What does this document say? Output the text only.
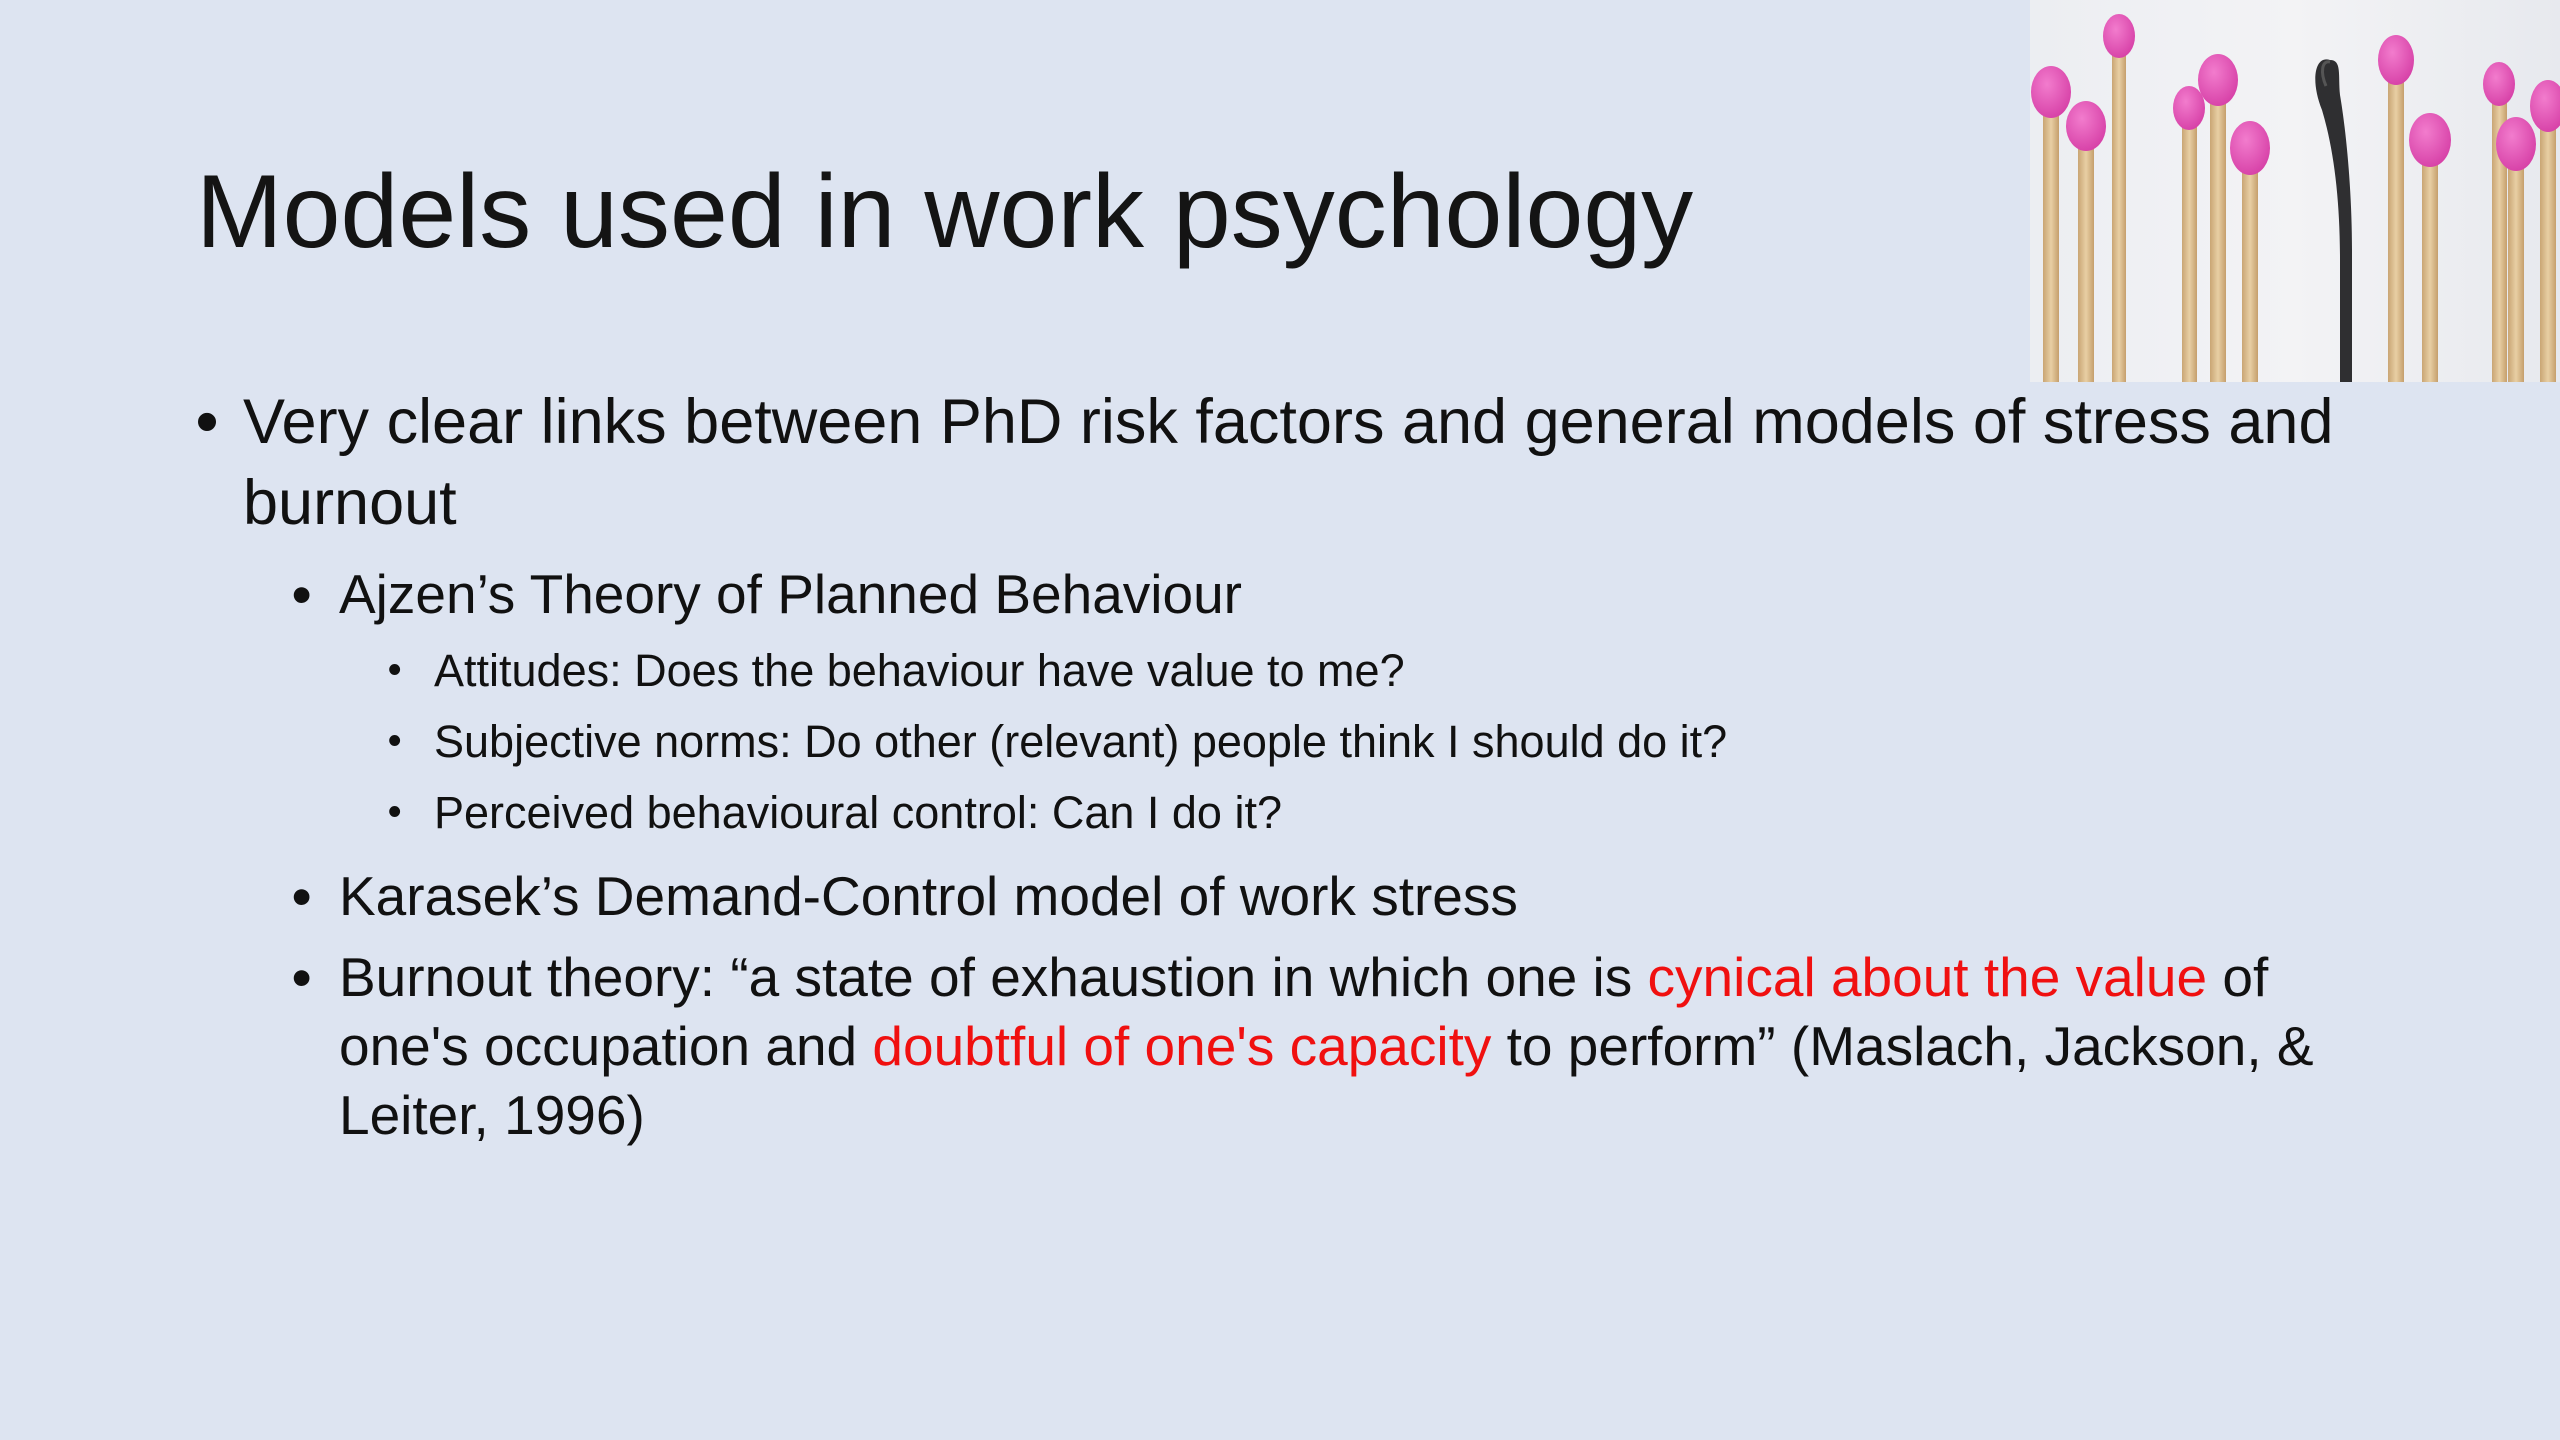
Models used in work psychology
• Very clear links between PhD risk factors and general models of stress and burnout
• Ajzen’s Theory of Planned Behaviour
• Attitudes: Does the behaviour have value to me?
• Subjective norms: Do other (relevant) people think I should do it?
• Perceived behavioural control: Can I do it?
• Karasek’s Demand-Control model of work stress
• Burnout theory: “a state of exhaustion in which one is cynical about the value of one's occupation and doubtful of one's capacity to perform” (Maslach, Jackson, & Leiter, 1996)
